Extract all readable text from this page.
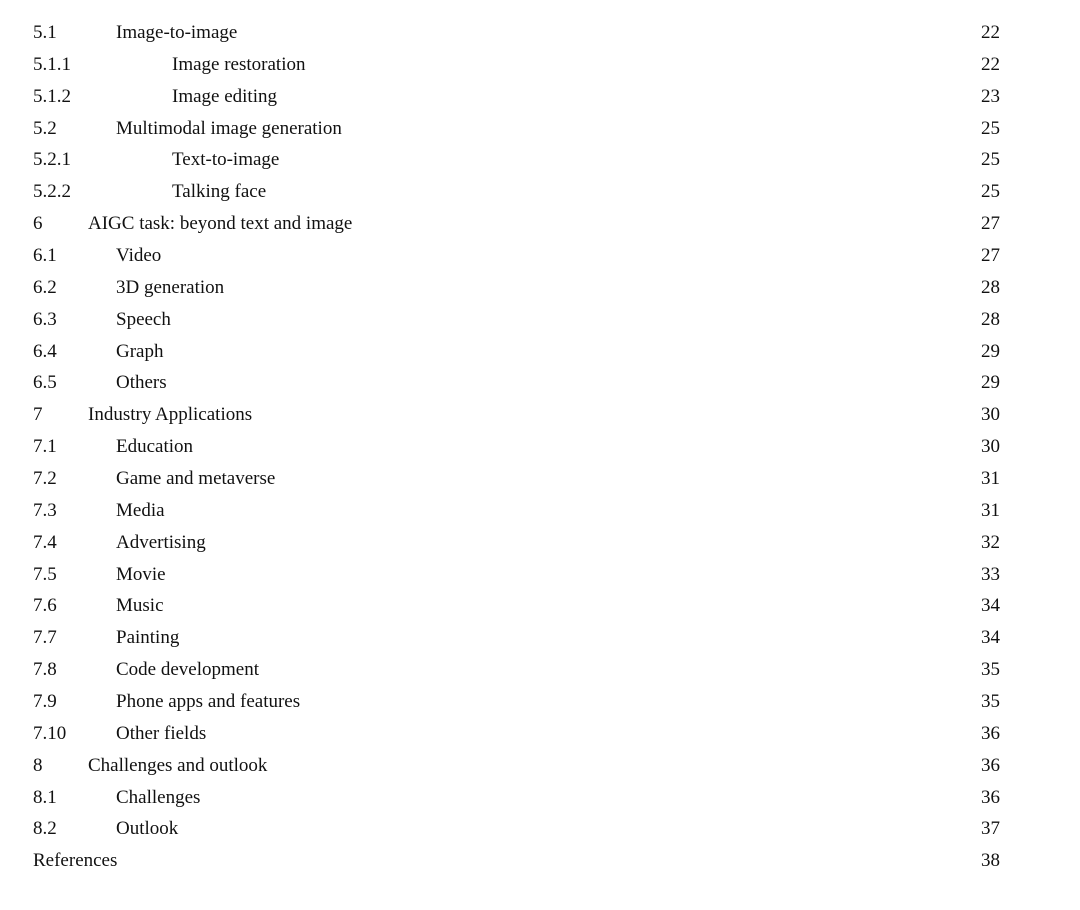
5.1	Image-to-image	22
5.1.1	Image restoration	22
5.1.2	Image editing	23
5.2	Multimodal image generation	25
5.2.1	Text-to-image	25
5.2.2	Talking face	25
6 AIGC task: beyond text and image	27
6.1	Video	27
6.2	3D generation	28
6.3	Speech	28
6.4	Graph	29
6.5	Others	29
7 Industry Applications	30
7.1	Education	30
7.2	Game and metaverse	31
7.3	Media	31
7.4	Advertising	32
7.5	Movie	33
7.6	Music	34
7.7	Painting	34
7.8	Code development	35
7.9	Phone apps and features	35
7.10	Other fields	36
8 Challenges and outlook	36
8.1	Challenges	36
8.2	Outlook	37
References	38
